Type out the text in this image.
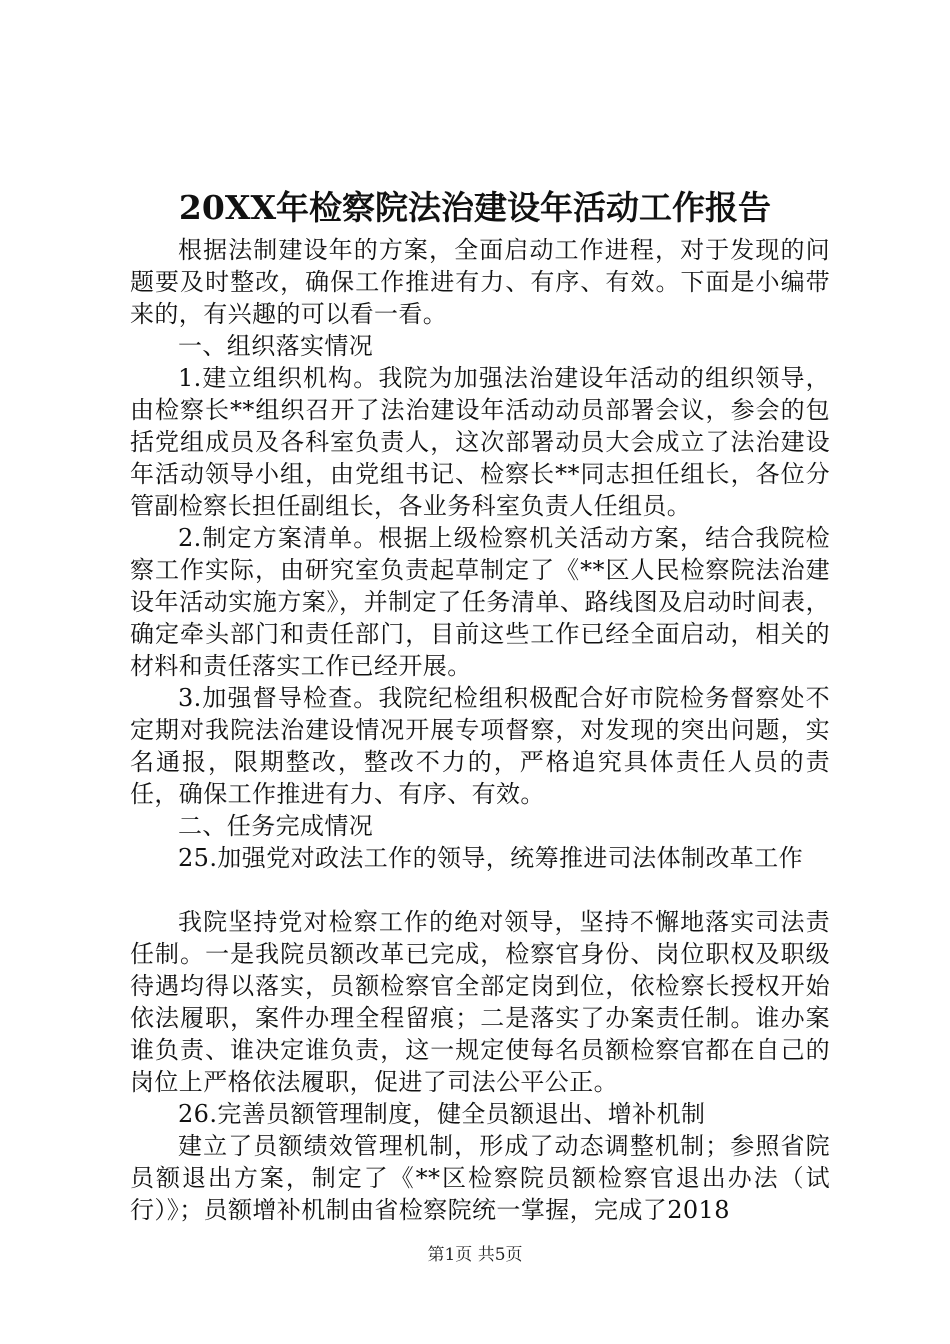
20XX年检察院法治建设年活动工作报告

根据法制建设年的方案，全面启动工作进程，对于发现的问题要及时整改，确保工作推进有力、有序、有效。下面是小编带来的，有兴趣的可以看一看。

一、组织落实情况

1.建立组织机构。我院为加强法治建设年活动的组织领导，由检察长**组织召开了法治建设年活动动员部署会议，参会的包括党组成员及各科室负责人，这次部署动员大会成立了法治建设年活动领导小组，由党组书记、检察长**同志担任组长，各位分管副检察长担任副组长，各业务科室负责人任组员。

2.制定方案清单。根据上级检察机关活动方案，结合我院检察工作实际，由研究室负责起草制定了《**区人民检察院法治建设年活动实施方案》，并制定了任务清单、路线图及启动时间表，确定牵头部门和责任部门，目前这些工作已经全面启动，相关的材料和责任落实工作已经开展。

3.加强督导检查。我院纪检组积极配合好市院检务督察处不定期对我院法治建设情况开展专项督察，对发现的突出问题，实名通报，限期整改，整改不力的，严格追究具体责任人员的责任，确保工作推进有力、有序、有效。

二、任务完成情况

25.加强党对政法工作的领导，统筹推进司法体制改革工作

我院坚持党对检察工作的绝对领导，坚持不懈地落实司法责任制。一是我院员额改革已完成，检察官身份、岗位职权及职级待遇均得以落实，员额检察官全部定岗到位，依检察长授权开始依法履职，案件办理全程留痕；二是落实了办案责任制。谁办案谁负责、谁决定谁负责，这一规定使每名员额检察官都在自己的岗位上严格依法履职，促进了司法公平公正。

26.完善员额管理制度，健全员额退出、增补机制

建立了员额绩效管理机制，形成了动态调整机制；参照省院员额退出方案，制定了《**区检察院员额检察官退出办法（试行）》；员额增补机制由省检察院统一掌握，完成了2018

第1页 共5页
